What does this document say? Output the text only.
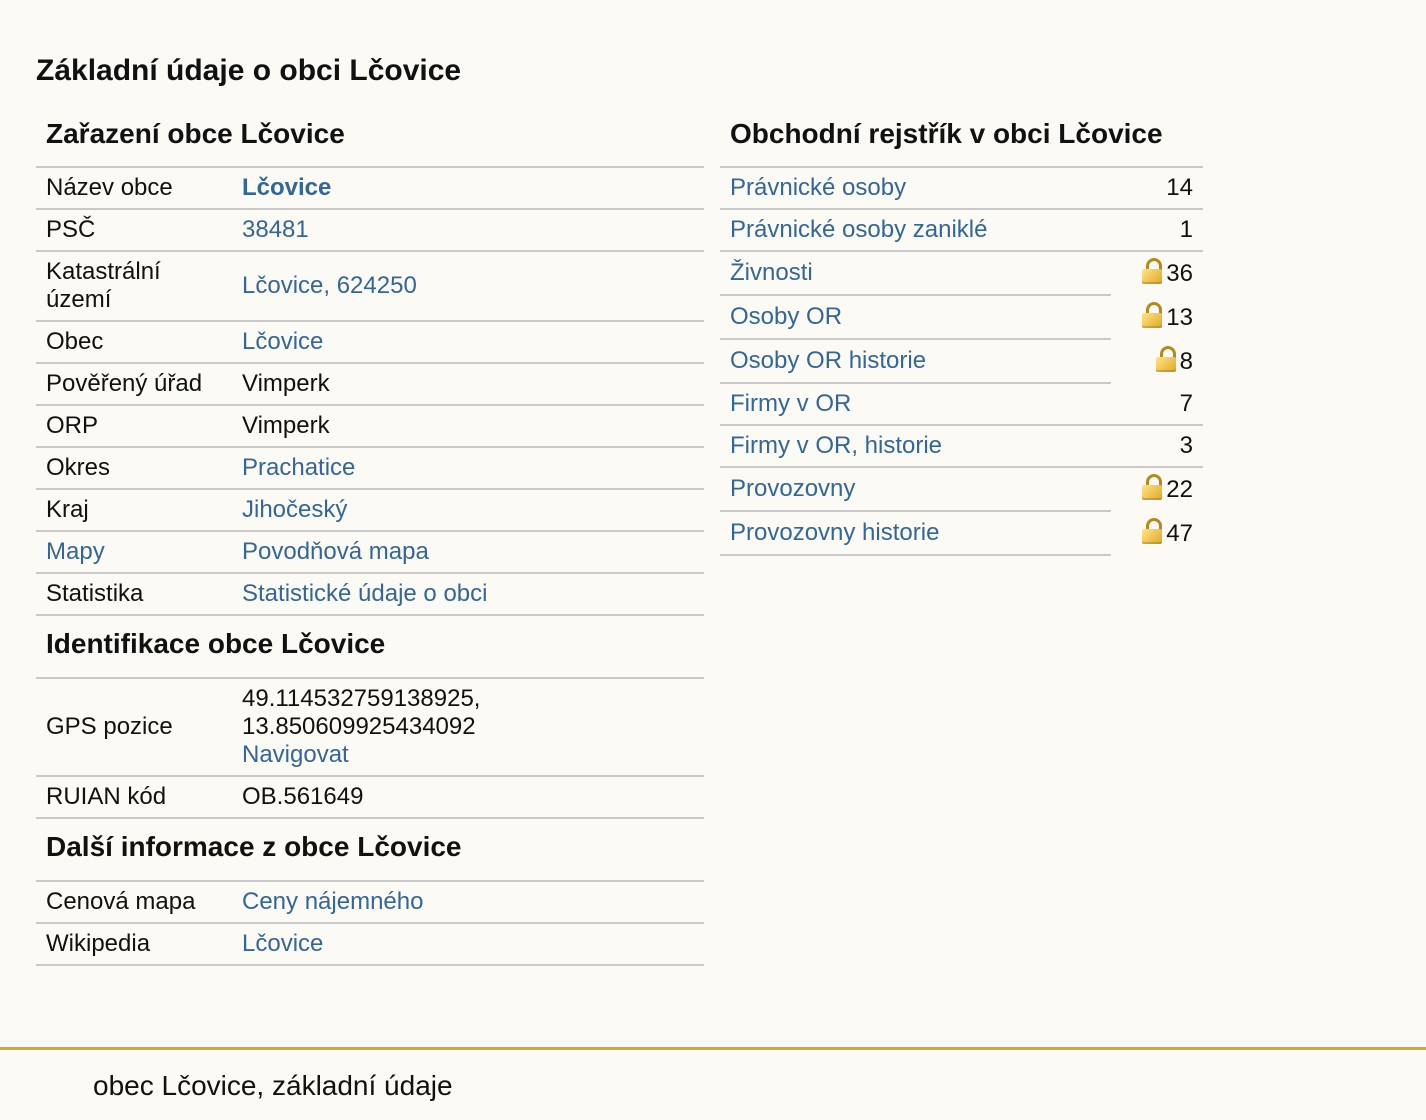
Základní údaje o obci Lčovice
Zařazení obce Lčovice
Název obce	Lčovice
PSČ	38481
Katastrální území	Lčovice, 624250
Obec	Lčovice
Pověřený úřad	Vimperk
ORP	Vimperk
Okres	Prachatice
Kraj	Jihočeský
Mapy	Povodňová mapa
Statistika	Statistické údaje o obci
Identifikace obce Lčovice
GPS pozice	49.114532759138925,
13.850609925434092
Navigovat
RUIAN kód	OB.561649
Další informace z obce Lčovice
Cenová mapa	Ceny nájemného
Wikipedia	Lčovice
Obchodní rejstřík v obci Lčovice
Právnické osoby	14
Právnické osoby zaniklé	1
Živnosti	36
Osoby OR	13
Osoby OR historie	8
Firmy v OR	7
Firmy v OR, historie	3
Provozovny	22
Provozovny historie	47
obec Lčovice, základní údaje
